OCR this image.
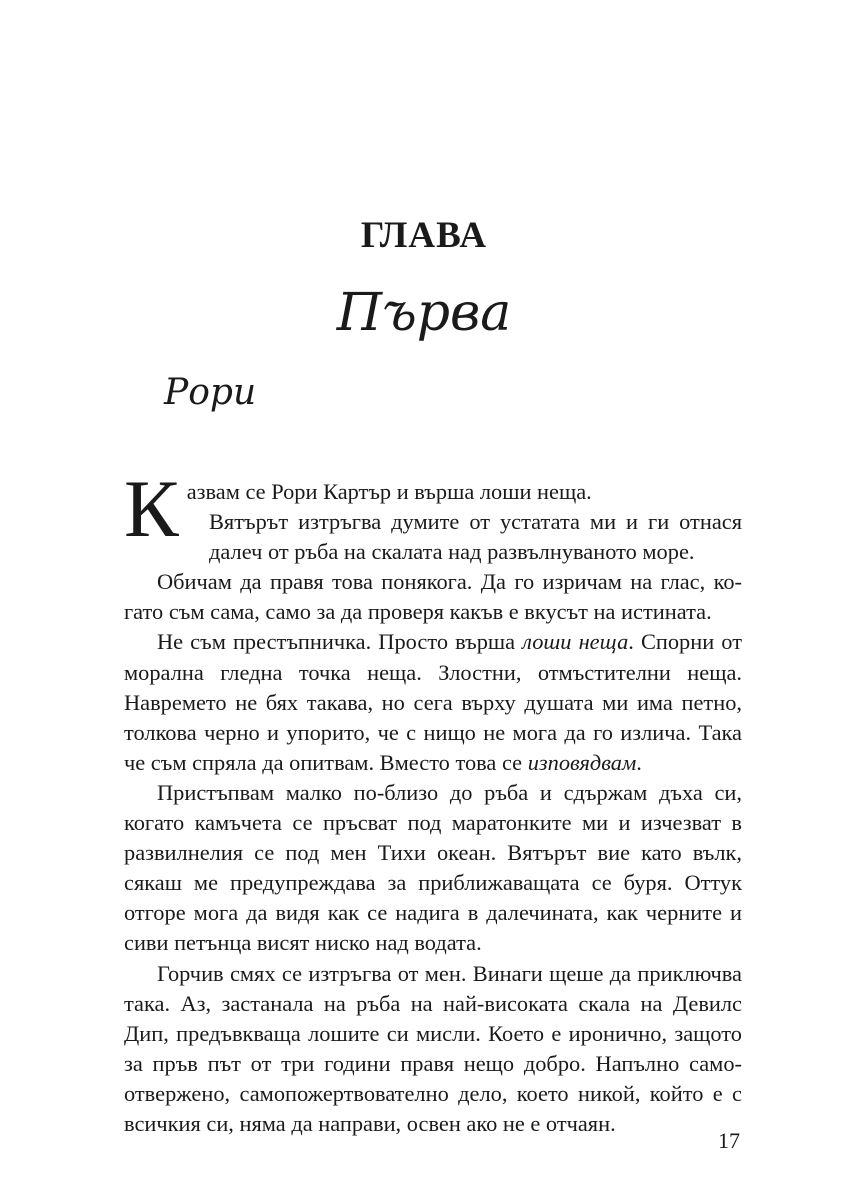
ГЛАВА
Първа
Рори

Казвам се Рори Картър и върша лоши неща.

Вятърът изтръгва думите от устатата ми и ги отнася далеч от ръба на скалата над развълнуваното море.

Обичам да правя това понякога. Да го изричам на глас, когато съм сама, само за да проверя какъв е вкусът на истината.

Не съм престъпничка. Просто върша лоши неща. Спорни от морална гледна точка неща. Злостни, отмъстителни неща. Навремето не бях такава, но сега върху душата ми има петно, толкова черно и упорито, че с нищо не мога да го излича. Така че съм спряла да опитвам. Вместо това се изповядвам.

Пристъпвам малко по-близо до ръба и сдържам дъха си, когато камъчета се пръсват под маратонките ми и изчезват в развилнелия се под мен Тихи океан. Вятърът вие като вълк, сякаш ме предупреждава за приближаващата се буря. Оттук отгоре мога да видя как се надига в далечината, как черните и сиви петънца висят ниско над водата.

Горчив смях се изтръгва от мен. Винаги щеше да приключва така. Аз, застанала на ръба на най-високата скала на Девилс Дип, предъвкваща лошите си мисли. Което е иронично, защото за пръв път от три години правя нещо добро. Напълно самоотвержено, самопожертвователно дело, което никой, който е с всичкия си, няма да направи, освен ако не е отчаян.

17
